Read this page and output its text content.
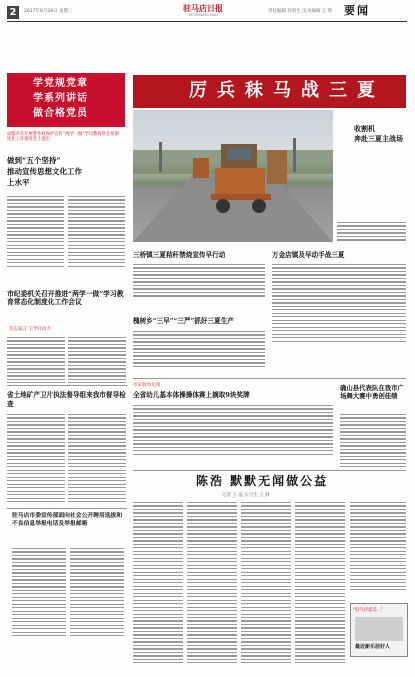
2	2017年6月28日 星期三	驻马店日报
ZHUMADIAN DAILY
责任编辑 何春生 美术编辑 王 辉 要闻
学党规党章
学系列讲话
做合格党员
成都市在开展著作权保护宣传“两学一做”学习教育常态化制度化工作推进会上提出
做到“五个坚持”
推动宣传思想文化工作
上水平
市纪委机关召开推进“两学一做”学习教育常态化制度化工作会议
杂志发言 王学开动力
省土地矿产卫片执法督导组来我市督导检查
驻马店市委宣传部面向社会公开聘用选拔和不良信息举报电话及举报邮箱
厉兵秣马战三夏
收割机
奔赴三夏主战场
三桥镇三夏秸秆禁烧宣传早行动	万金店镇及早动手战三夏
槐树乡“三早”“三严”抓好三夏生产
市实验幼儿园
全省幼儿基本体操操体赛上摘取9块奖牌
确山县代表队在我市广场舞大赛中勇创佳绩
陈浩 默默无闻做公益
记者 王 晶 实习生 王 静
“驻马店最美…”
最近新乐居好人
